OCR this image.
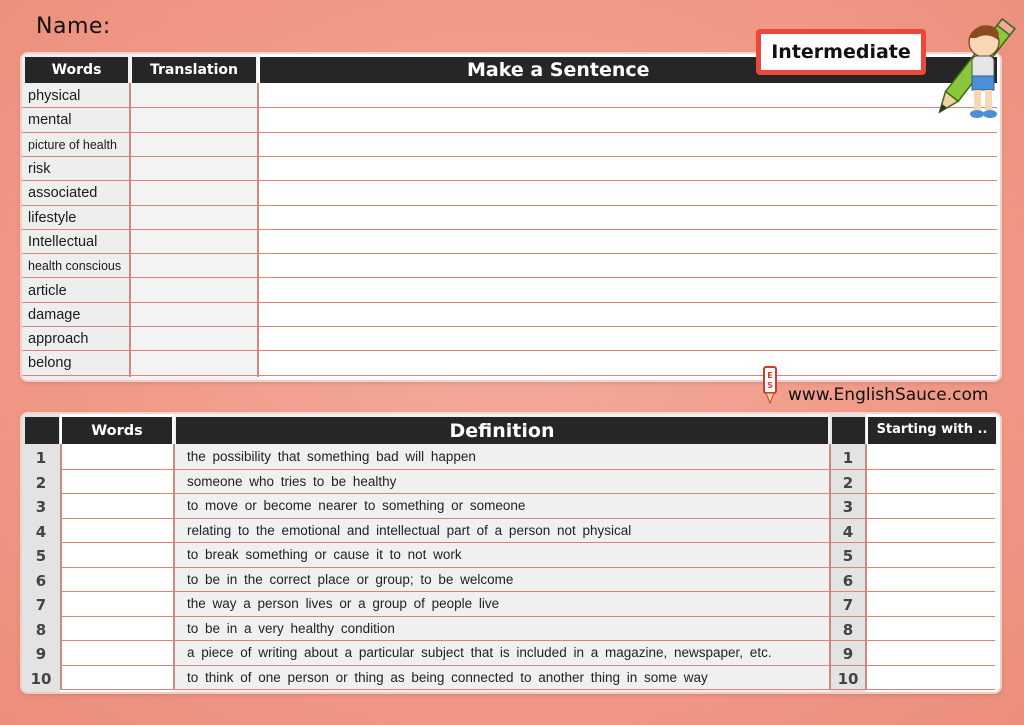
Name:
Words	Translation	Make a Sentence
physical
mental
picture of health
risk
associated
lifestyle
Intellectual
health conscious
article
damage
approach
belong
Intermediate
E
S www.EnglishSauce.com
Words	Definition	Starting with ..
1	the possibility that something bad will happen	1
2	someone who tries to be healthy	2
3	to move or become nearer to something or someone	3
4	relating to the emotional and intellectual part of a person not physical	4
5	to break something or cause it to not work	5
6	to be in the correct place or group; to be welcome	6
7	the way a person lives or a group of people live	7
8	to be in a very healthy condition	8
9	a piece of writing about a particular subject that is included in a magazine, newspaper, etc.	9
10	to think of one person or thing as being connected to another thing in some way	10
